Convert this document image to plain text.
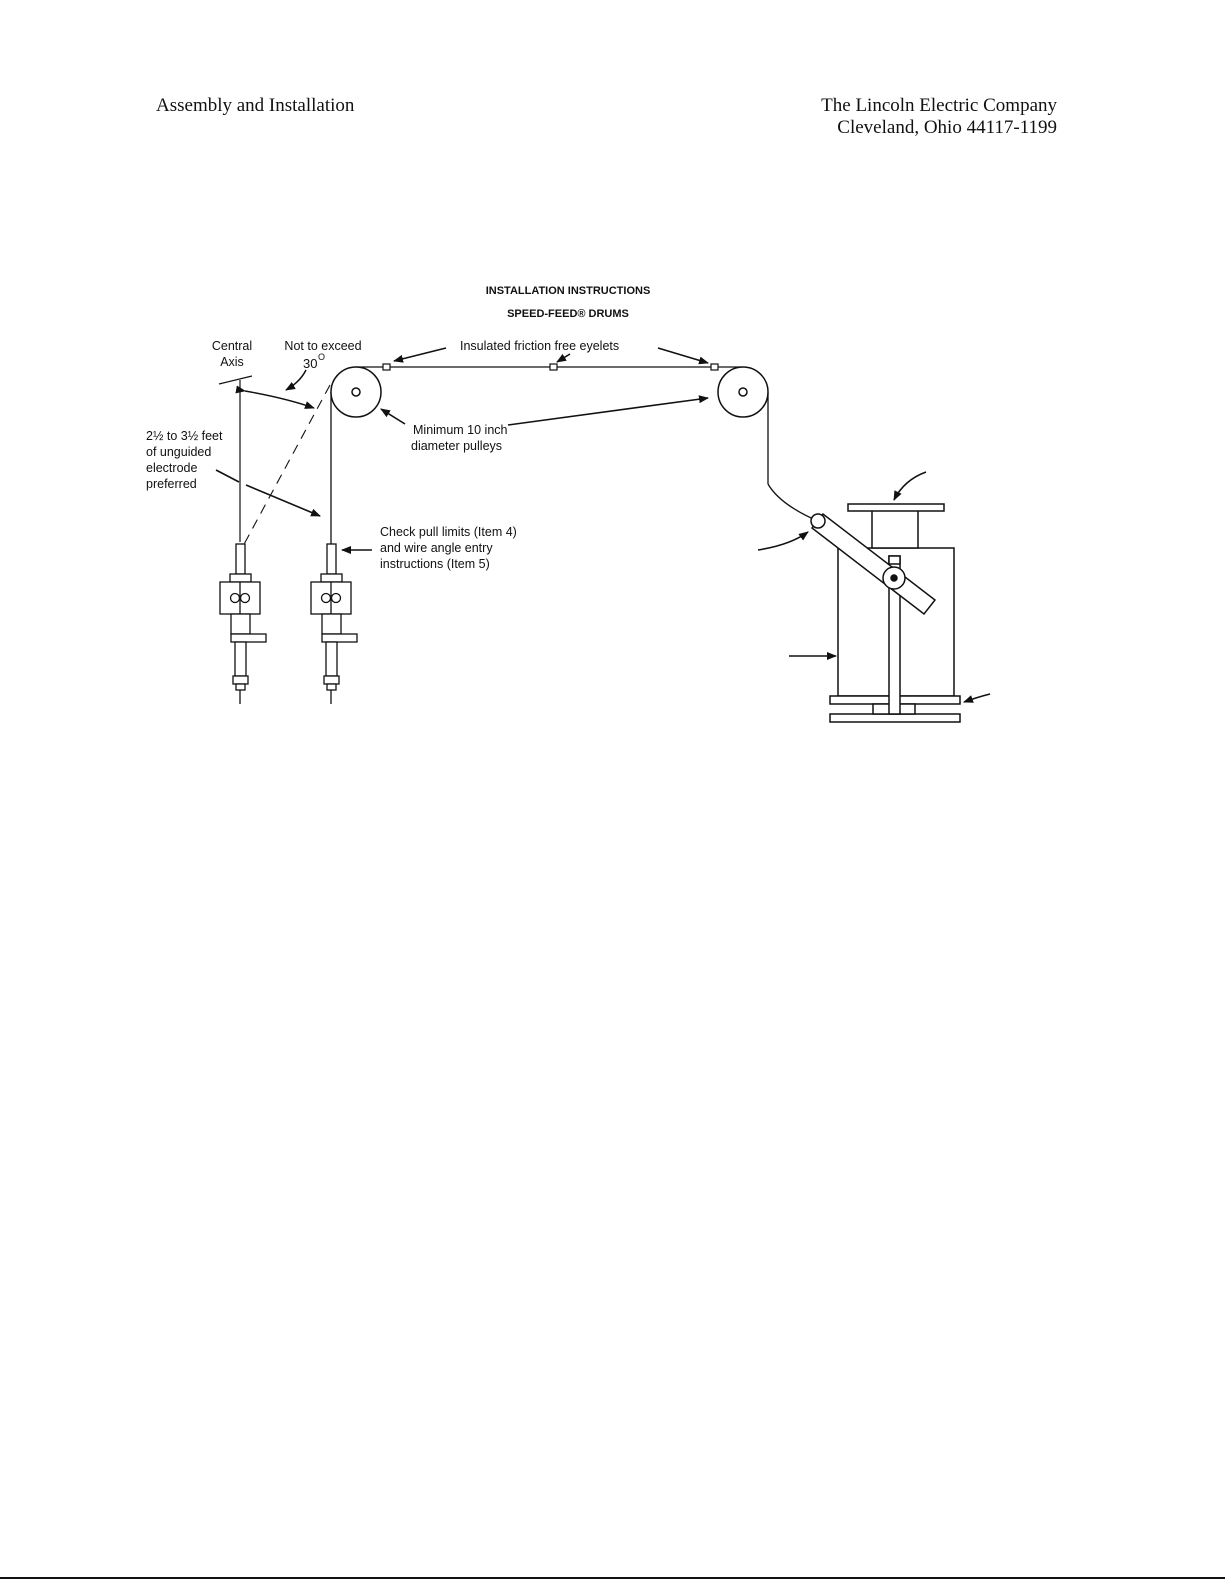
Assembly and Installation	The Lincoln Electric Company
Cleveland, Ohio 44117-1199
INSTALLATION INSTRUCTIONS
SPEED-FEED® DRUMS
Central
Axis
Not to exceed
30 O
Insulated friction free eyelets
Minimum 10 inch
diameter pulleys
2½ to 3½ feet
of unguided
electrode
preferred
Check pull limits (Item 4)
and wire angle entry
instructions (Item 5)
